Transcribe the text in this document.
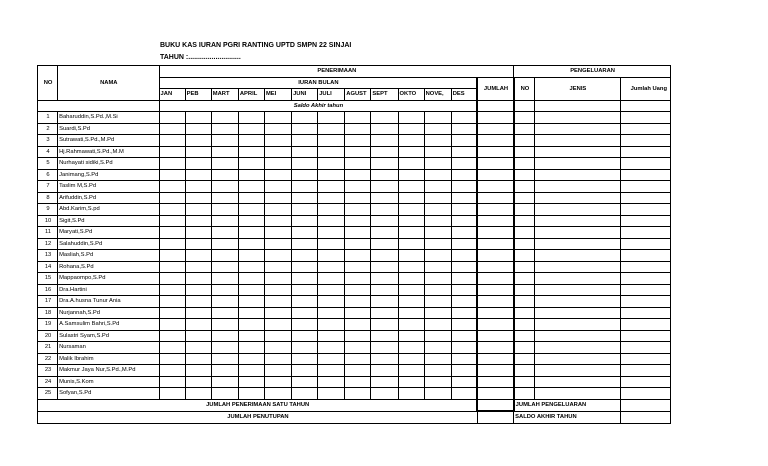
BUKU KAS IURAN PGRI RANTING UPTD SMPN 22 SINJAI
TAHUN :...........................
NO	NAMA	PENERIMAAN													PENGELUARAN		
		IURAN BULAN												JUMLAH	NO	JENIS	Jumlah Uang
		JAN	PEB	MART	APRIL	MEI	JUNI	JULI	AGUST	SEPT	OKTO	NOVE,	DES				
		Saldo Akhir tahun															
1	Baharuddin,S.Pd.,M.Si																
2	Suardi,S.Pd																
3	Sutrawati,S.Pd.,M.Pd																
4	Hj.Rahmawati,S.Pd.,M.M																
5	Nurhayati sidiki,S.Pd																
6	Janimang,S.Pd																
7	Taslim M,S.Pd																
8	Arifuddin,S.Pd																
9	Abd.Karim,S.pd																
10	Sigit,S.Pd																
11	Maryati,S.Pd																
12	Salahuddin,S.Pd																
13	Masliah,S.Pd																
14	Rohana,S.Pd																
15	Mappaompo,S.Pd																
16	Dra.Hartini																
17	Dra.A.husna Tunur Ania																
18	Nurjannah,S.Pd																
19	A.Samsulim Bahri,S.Pd																
20	Sulastri Syam,S.Pd																
21	Nursaman																
22	Malik Ibrahim																
23	Makmur Jaya Nur,S.Pd.,M.Pd																
24	Munis,S.Kom																
25	Sofyan,S.Pd																
JUMLAH PENERIMAAN SATU TAHUN															JUMLAH PENGELUARAN		
JUMLAH PENUTUPAN															SALDO AKHIR TAHUN		
